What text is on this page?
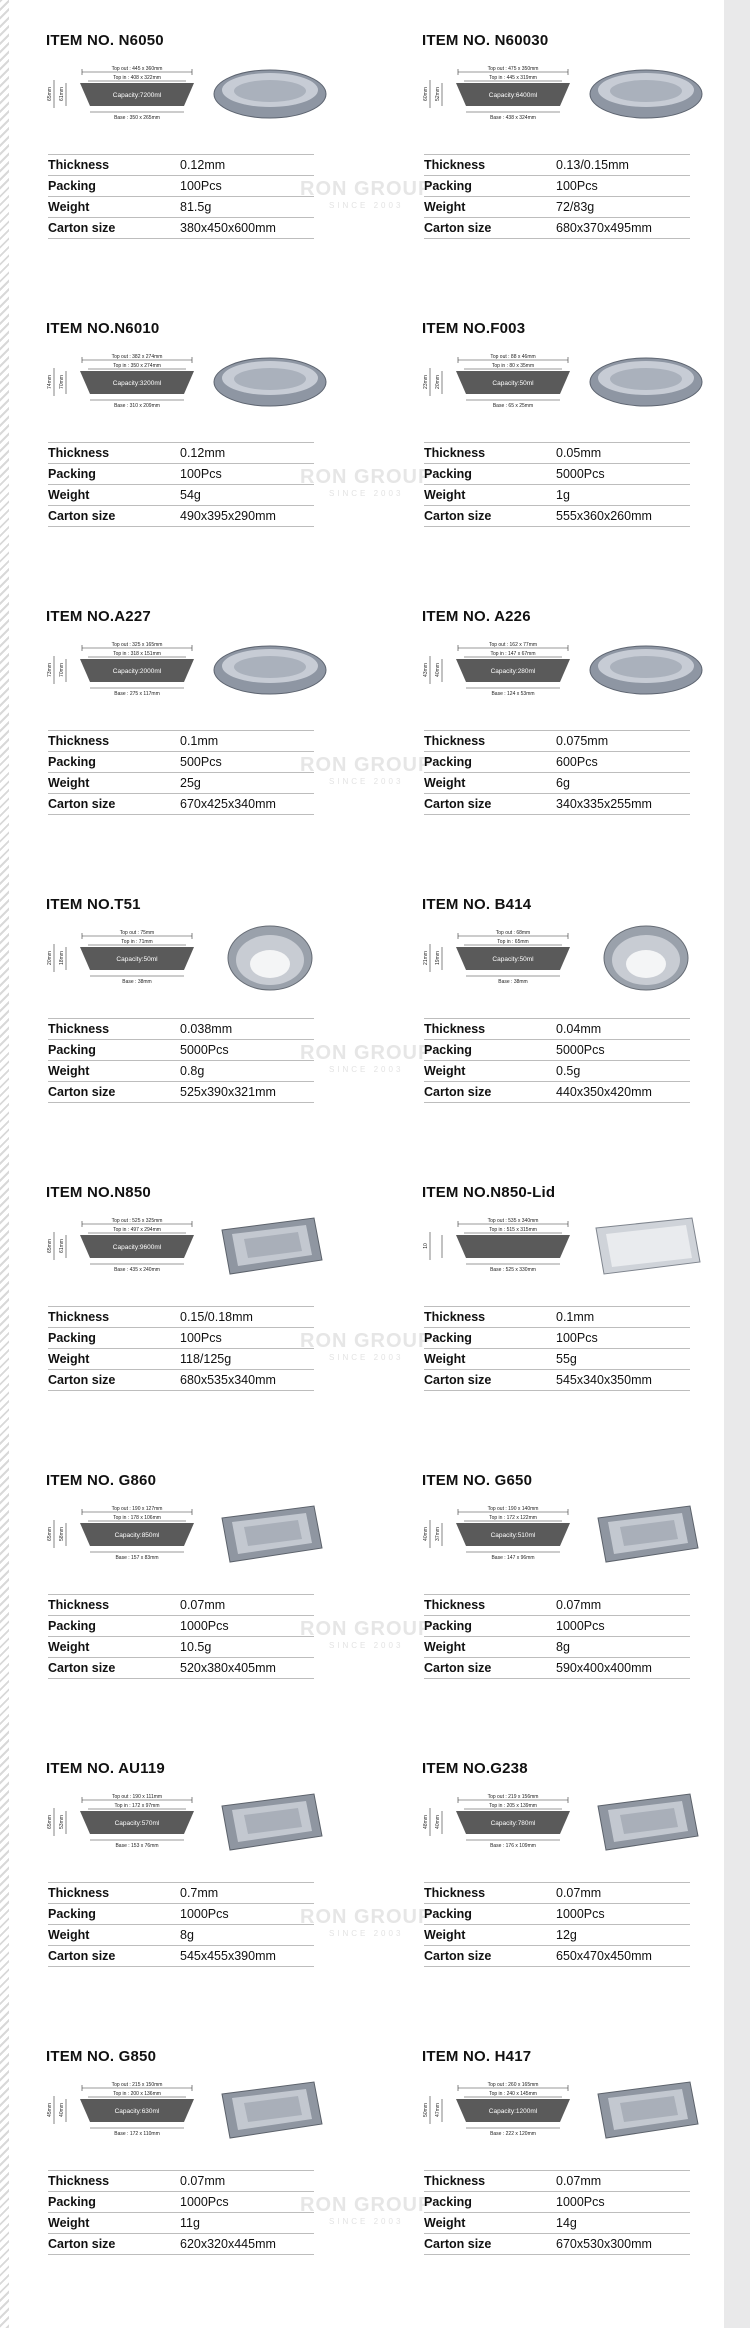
RON GROUP
SINCE 2003
RON GROUP
SINCE 2003
RON GROUP
SINCE 2003
RON GROUP
SINCE 2003
RON GROUP
SINCE 2003
RON GROUP
SINCE 2003
RON GROUP
SINCE 2003
RON GROUP
SINCE 2003
ITEM NO. N6050
Top out : 445 x 360mm
Top in : 408 x 322mm
Capacity:7200ml
Base : 350 x 265mm
65mm 61mm
Thickness	0.12mm
Packing	100Pcs
Weight	81.5g
Carton size	380x450x600mm
ITEM NO. N60030
Top out : 475 x 350mm
Top in : 445 x 319mm
Capacity:6400ml
Base : 438 x 324mm
60mm 52mm
Thickness	0.13/0.15mm
Packing	100Pcs
Weight	72/83g
Carton size	680x370x495mm
ITEM NO.N6010
Top out : 382 x 274mm
Top in : 350 x 274mm
Capacity:3200ml
Base : 310 x 209mm
74mm 70mm
Thickness	0.12mm
Packing	100Pcs
Weight	54g
Carton size	490x395x290mm
ITEM NO.F003
Top out : 88 x 46mm
Top in : 80 x 35mm
Capacity:50ml
Base : 65 x 25mm
23mm 20mm
Thickness	0.05mm
Packing	5000Pcs
Weight	1g
Carton size	555x360x260mm
ITEM NO.A227
Top out : 325 x 165mm
Top in : 318 x 151mm
Capacity:2000ml
Base : 275 x 117mm
73mm 70mm
Thickness	0.1mm
Packing	500Pcs
Weight	25g
Carton size	670x425x340mm
ITEM NO. A226
Top out : 162 x 77mm
Top in : 147 x 67mm
Capacity:280ml
Base : 124 x 53mm
43mm 40mm
Thickness	0.075mm
Packing	600Pcs
Weight	6g
Carton size	340x335x255mm
ITEM NO.T51
Top out : 75mm
Top in : 71mm
Capacity:50ml
Base : 38mm
20mm 18mm
Thickness	0.038mm
Packing	5000Pcs
Weight	0.8g
Carton size	525x390x321mm
ITEM NO. B414
Top out : 68mm
Top in : 65mm
Capacity:50ml
Base : 38mm
21mm 19mm
Thickness	0.04mm
Packing	5000Pcs
Weight	0.5g
Carton size	440x350x420mm
ITEM NO.N850
Top out : 525 x 325mm
Top in : 497 x 294mm
Capacity:9600ml
Base : 435 x 240mm
65mm 61mm
Thickness	0.15/0.18mm
Packing	100Pcs
Weight	118/125g
Carton size	680x535x340mm
ITEM NO.N850-Lid
Top out : 535 x 340mm
Top in : 515 x 315mm
Base : 525 x 330mm
10
Thickness	0.1mm
Packing	100Pcs
Weight	55g
Carton size	545x340x350mm
ITEM NO. G860
Top out : 190 x 127mm
Top in : 178 x 106mm
Capacity:850ml
Base : 157 x 83mm
65mm 58mm
Thickness	0.07mm
Packing	1000Pcs
Weight	10.5g
Carton size	520x380x405mm
ITEM NO. G650
Top out : 190 x 140mm
Top in : 172 x 122mm
Capacity:510ml
Base : 147 x 96mm
40mm 37mm
Thickness	0.07mm
Packing	1000Pcs
Weight	8g
Carton size	590x400x400mm
ITEM NO. AU119
Top out : 190 x 111mm
Top in : 172 x 97mm
Capacity:570ml
Base : 153 x 76mm
65mm 53mm
Thickness	0.7mm
Packing	1000Pcs
Weight	8g
Carton size	545x455x390mm
ITEM NO.G238
Top out : 219 x 156mm
Top in : 205 x 139mm
Capacity:780ml
Base : 176 x 109mm
48mm 40mm
Thickness	0.07mm
Packing	1000Pcs
Weight	12g
Carton size	650x470x450mm
ITEM NO. G850
Top out : 215 x 150mm
Top in : 200 x 136mm
Capacity:630ml
Base : 172 x 110mm
45mm 40mm
Thickness	0.07mm
Packing	1000Pcs
Weight	11g
Carton size	620x320x445mm
ITEM NO. H417
Top out : 260 x 165mm
Top in : 240 x 145mm
Capacity:1200ml
Base : 222 x 120mm
50mm 47mm
Thickness	0.07mm
Packing	1000Pcs
Weight	14g
Carton size	670x530x300mm
